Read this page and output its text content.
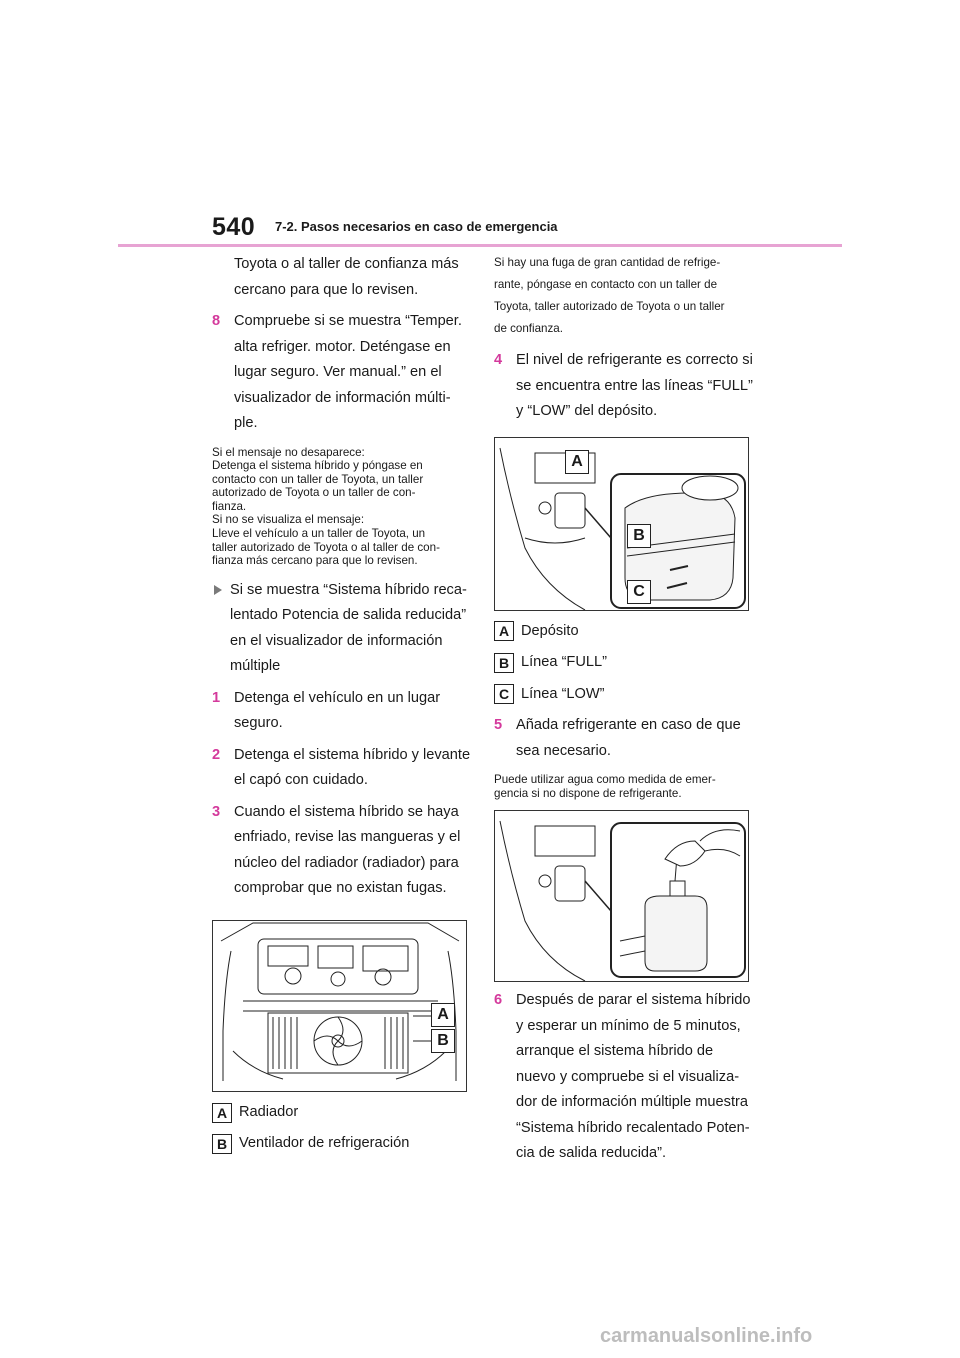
540 7-2. Pasos necesarios en caso de emergencia

Toyota o al taller de confianza más cercano para que lo revisen.

8 Compruebe si se muestra “Temper. alta refriger. motor. Deténgase en lugar seguro. Ver manual.” en el visualizador de información múlti-ple.
Si el mensaje no desaparece:
Detenga el sistema híbrido y póngase en
contacto con un taller de Toyota, un taller
autorizado de Toyota o un taller de con-
fianza.
Si no se visualiza el mensaje:
Lleve el vehículo a un taller de Toyota, un
taller autorizado de Toyota o al taller de con-
fianza más cercano para que lo revisen.
Si se muestra “Sistema híbrido reca-lentado Potencia de salida reducida” en el visualizador de información múltiple
1 Detenga el vehículo en un lugar seguro.
2 Detenga el sistema híbrido y levante el capó con cuidado.
3 Cuando el sistema híbrido se haya enfriado, revise las mangueras y el núcleo del radiador (radiador) para comprobar que no existan fugas.
A
B
A Radiador
B Ventilador de refrigeración
Si hay una fuga de gran cantidad de refrige-
rante, póngase en contacto con un taller de
Toyota, taller autorizado de Toyota o un taller
de confianza.
4 El nivel de refrigerante es correcto si se encuentra entre las líneas “FULL” y “LOW” del depósito.
A
B
C
A Depósito
B Línea “FULL”
C Línea “LOW”
5 Añada refrigerante en caso de que sea necesario.
Puede utilizar agua como medida de emer-
gencia si no dispone de refrigerante.
6 Después de parar el sistema híbrido y esperar un mínimo de 5 minutos, arranque el sistema híbrido de nuevo y compruebe si el visualiza-dor de información múltiple muestra “Sistema híbrido recalentado Poten-cia de salida reducida”.
carmanualsonline.info
